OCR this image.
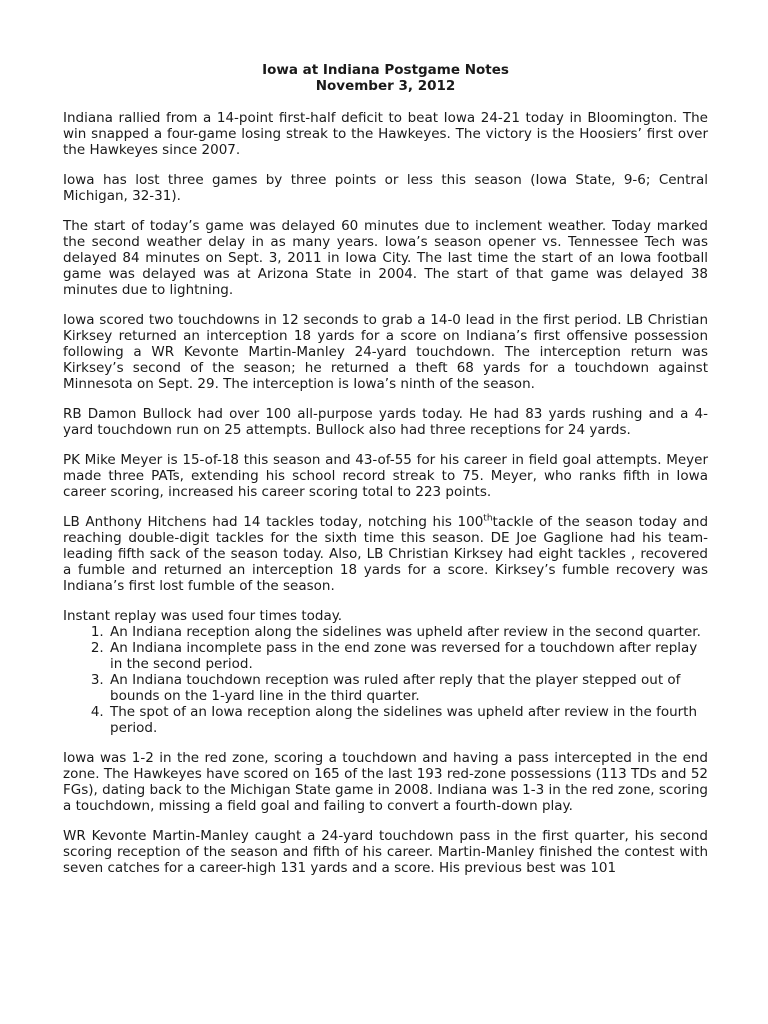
Iowa at Indiana Postgame Notes
November 3, 2012

Indiana rallied from a 14-point first-half deficit to beat Iowa 24-21 today in Bloomington. The win snapped a four-game losing streak to the Hawkeyes. The victory is the Hoosiers’ first over the Hawkeyes since 2007.

Iowa has lost three games by three points or less this season (Iowa State, 9-6; Central Michigan, 32-31).

The start of today’s game was delayed 60 minutes due to inclement weather. Today marked the second weather delay in as many years. Iowa’s season opener vs. Tennessee Tech was delayed 84 minutes on Sept. 3, 2011 in Iowa City. The last time the start of an Iowa football game was delayed was at Arizona State in 2004. The start of that game was delayed 38 minutes due to lightning.

Iowa scored two touchdowns in 12 seconds to grab a 14-0 lead in the first period. LB Christian Kirksey returned an interception 18 yards for a score on Indiana’s first offensive possession following a WR Kevonte Martin-Manley 24-yard touchdown. The interception return was Kirksey’s second of the season; he returned a theft 68 yards for a touchdown against Minnesota on Sept. 29. The interception is Iowa’s ninth of the season.

RB Damon Bullock had over 100 all-purpose yards today. He had 83 yards rushing and a 4-yard touchdown run on 25 attempts. Bullock also had three receptions for 24 yards.

PK Mike Meyer is 15-of-18 this season and 43-of-55 for his career in field goal attempts. Meyer made three PATs, extending his school record streak to 75. Meyer, who ranks fifth in Iowa career scoring, increased his career scoring total to 223 points.

LB Anthony Hitchens had 14 tackles today, notching his 100thtackle of the season today and reaching double-digit tackles for the sixth time this season. DE Joe Gaglione had his team-leading fifth sack of the season today. Also, LB Christian Kirksey had eight tackles , recovered a fumble and returned an interception 18 yards for a score. Kirksey’s fumble recovery was Indiana’s first lost fumble of the season.

Instant replay was used four times today.

1. An Indiana reception along the sidelines was upheld after review in the second quarter.
2. An Indiana incomplete pass in the end zone was reversed for a touchdown after replay in the second period.
3. An Indiana touchdown reception was ruled after reply that the player stepped out of bounds on the 1-yard line in the third quarter.
4. The spot of an Iowa reception along the sidelines was upheld after review in the fourth period.

Iowa was 1-2 in the red zone, scoring a touchdown and having a pass intercepted in the end zone. The Hawkeyes have scored on 165 of the last 193 red-zone possessions (113 TDs and 52 FGs), dating back to the Michigan State game in 2008. Indiana was 1-3 in the red zone, scoring a touchdown, missing a field goal and failing to convert a fourth-down play.

WR Kevonte Martin-Manley caught a 24-yard touchdown pass in the first quarter, his second scoring reception of the season and fifth of his career. Martin-Manley finished the contest with seven catches for a career-high 131 yards and a score. His previous best was 101
